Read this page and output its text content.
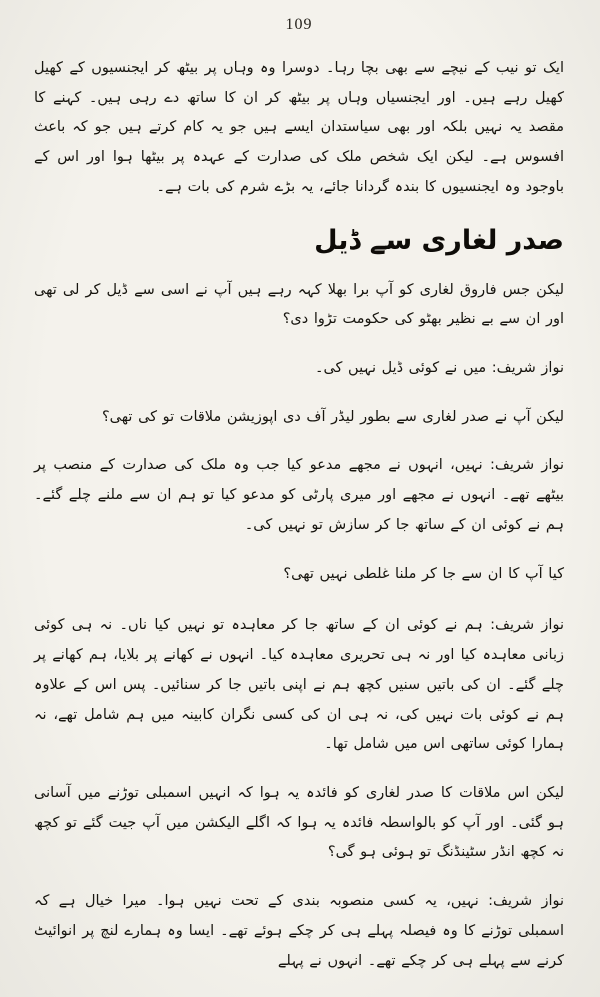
109

ایک تو نیب کے نیچے سے بھی بچا رہا۔ دوسرا وہ وہاں پر بیٹھ کر ایجنسیوں کے کھیل کھیل رہے ہیں۔ اور ایجنسیاں وہاں پر بیٹھ کر ان کا ساتھ دے رہی ہیں۔ کہنے کا مقصد یہ نہیں بلکہ اور بھی سیاستدان ایسے ہیں جو یہ کام کرتے ہیں جو کہ باعث افسوس ہے۔ لیکن ایک شخص ملک کی صدارت کے عہدہ پر بیٹھا ہوا اور اس کے باوجود وہ ایجنسیوں کا بندہ گردانا جائے، یہ بڑے شرم کی بات ہے۔

صدر لغاری سے ڈیل

لیکن جس فاروق لغاری کو آپ برا بھلا کہہ رہے ہیں آپ نے اسی سے ڈیل کر لی تھی اور ان سے بے نظیر بھٹو کی حکومت تڑوا دی؟

نواز شریف: میں نے کوئی ڈیل نہیں کی۔

لیکن آپ نے صدر لغاری سے بطور لیڈر آف دی اپوزیشن ملاقات تو کی تھی؟

نواز شریف: نہیں، انہوں نے مجھے مدعو کیا جب وہ ملک کی صدارت کے منصب پر بیٹھے تھے۔ انہوں نے مجھے اور میری پارٹی کو مدعو کیا تو ہم ان سے ملنے چلے گئے۔ ہم نے کوئی ان کے ساتھ جا کر سازش تو نہیں کی۔

کیا آپ کا ان سے جا کر ملنا غلطی نہیں تھی؟

نواز شریف: ہم نے کوئی ان کے ساتھ جا کر معاہدہ تو نہیں کیا ناں۔ نہ ہی کوئی زبانی معاہدہ کیا اور نہ ہی تحریری معاہدہ کیا۔ انہوں نے کھانے پر بلایا، ہم کھانے پر چلے گئے۔ ان کی باتیں سنیں کچھ ہم نے اپنی باتیں جا کر سنائیں۔ پس اس کے علاوہ ہم نے کوئی بات نہیں کی، نہ ہی ان کی کسی نگران کابینہ میں ہم شامل تھے، نہ ہمارا کوئی ساتھی اس میں شامل تھا۔

لیکن اس ملاقات کا صدر لغاری کو فائدہ یہ ہوا کہ انہیں اسمبلی توڑنے میں آسانی ہو گئی۔ اور آپ کو بالواسطہ فائدہ یہ ہوا کہ اگلے الیکشن میں آپ جیت گئے تو کچھ نہ کچھ انڈر سٹینڈنگ تو ہوئی ہو گی؟

نواز شریف: نہیں، یہ کسی منصوبہ بندی کے تحت نہیں ہوا۔ میرا خیال ہے کہ اسمبلی توڑنے کا وہ فیصلہ پہلے ہی کر چکے ہوئے تھے۔ ایسا وہ ہمارے لنچ پر انوائیٹ کرنے سے پہلے ہی کر چکے تھے۔ انہوں نے پہلے
